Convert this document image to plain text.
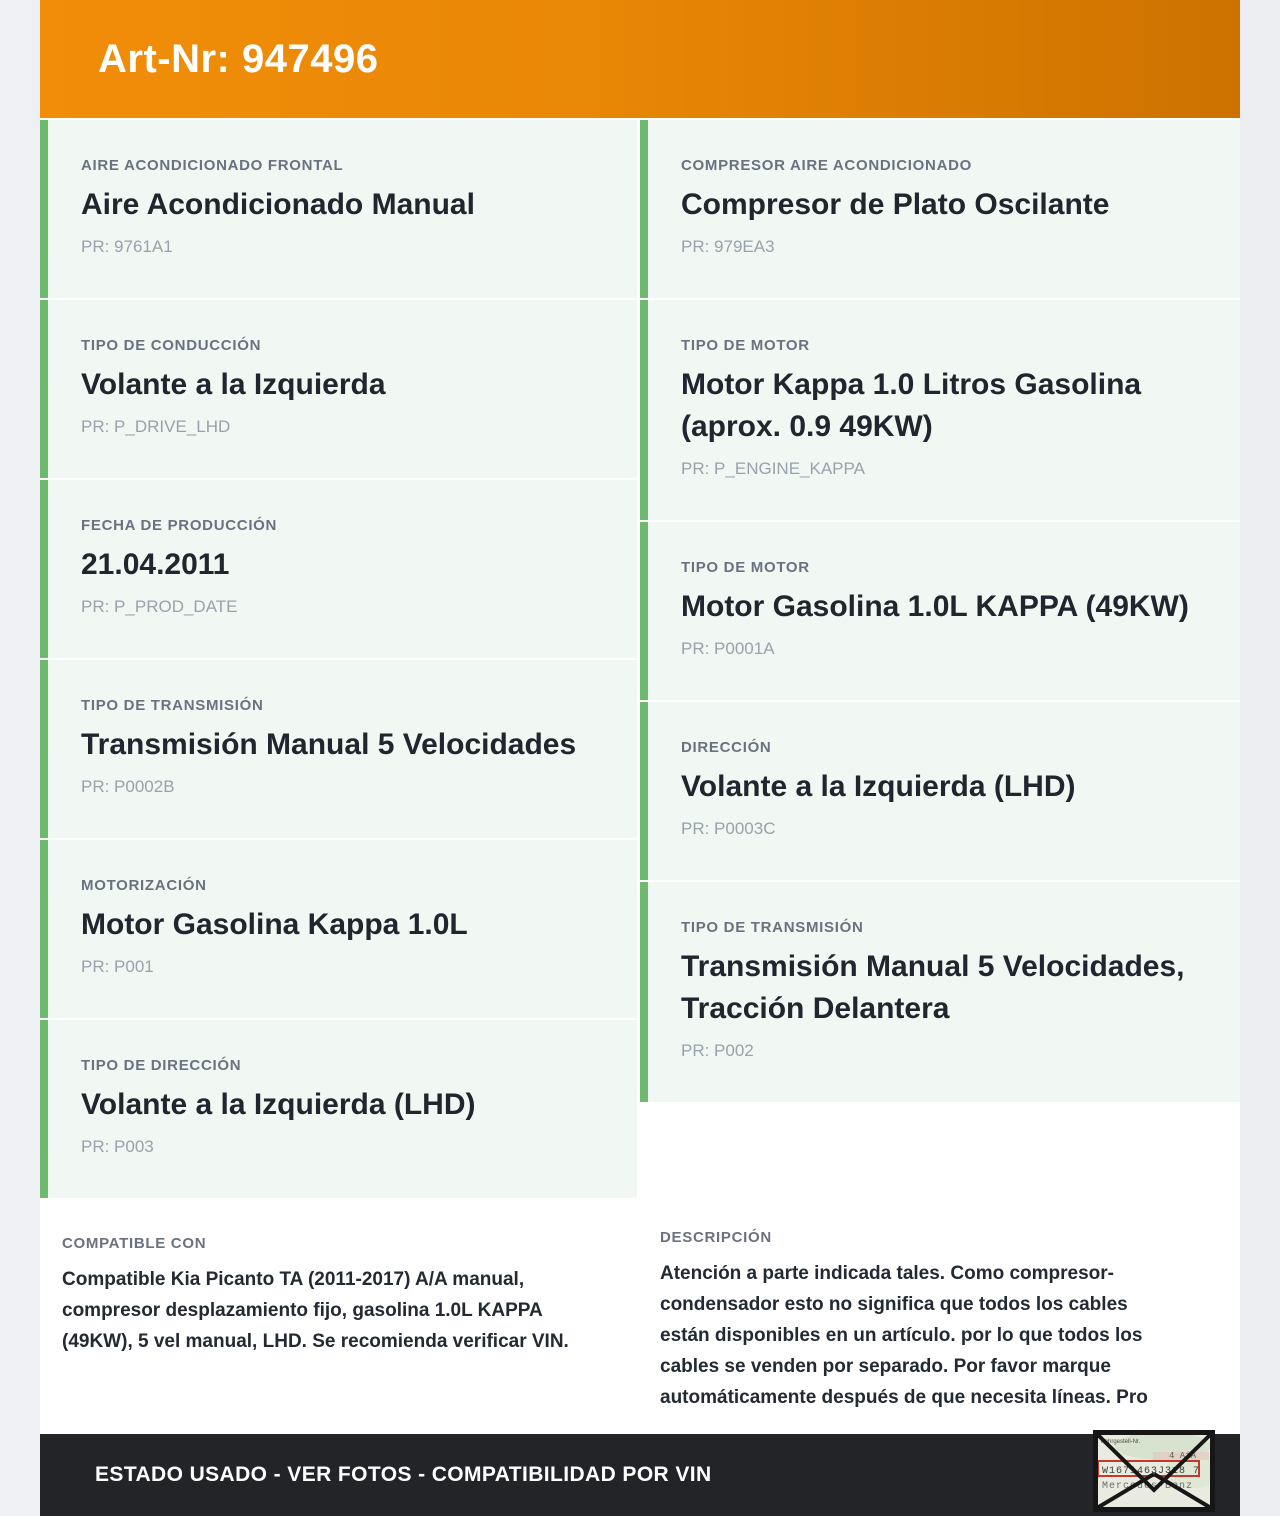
Art-Nr: 947496
AIRE ACONDICIONADO FRONTAL
Aire Acondicionado Manual
PR: 9761A1
TIPO DE CONDUCCIÓN
Volante a la Izquierda
PR: P_DRIVE_LHD
FECHA DE PRODUCCIÓN
21.04.2011
PR: P_PROD_DATE
TIPO DE TRANSMISIÓN
Transmisión Manual 5 Velocidades
PR: P0002B
MOTORIZACIÓN
Motor Gasolina Kappa 1.0L
PR: P001
TIPO DE DIRECCIÓN
Volante a la Izquierda (LHD)
PR: P003
COMPRESOR AIRE ACONDICIONADO
Compresor de Plato Oscilante
PR: 979EA3
TIPO DE MOTOR
Motor Kappa 1.0 Litros Gasolina (aprox. 0.9 49KW)
PR: P_ENGINE_KAPPA
TIPO DE MOTOR
Motor Gasolina 1.0L KAPPA (49KW)
PR: P0001A
DIRECCIÓN
Volante a la Izquierda (LHD)
PR: P0003C
TIPO DE TRANSMISIÓN
Transmisión Manual 5 Velocidades, Tracción Delantera
PR: P002
COMPATIBLE CON
Compatible Kia Picanto TA (2011-2017) A/A manual, compresor desplazamiento fijo, gasolina 1.0L KAPPA (49KW), 5 vel manual, LHD. Se recomienda verificar VIN.
DESCRIPCIÓN
Atención a parte indicada tales. Como compresor-condensador esto no significa que todos los cables están disponibles en un artículo. por lo que todos los cables se venden por separado. Por favor marque automáticamente después de que necesita líneas. Pro
ESTADO USADO - VER FOTOS - COMPATIBILIDAD POR VIN
Fahrgestell-Nr.
4 AiA
W1671463J318 7
Mercedes-Benz
